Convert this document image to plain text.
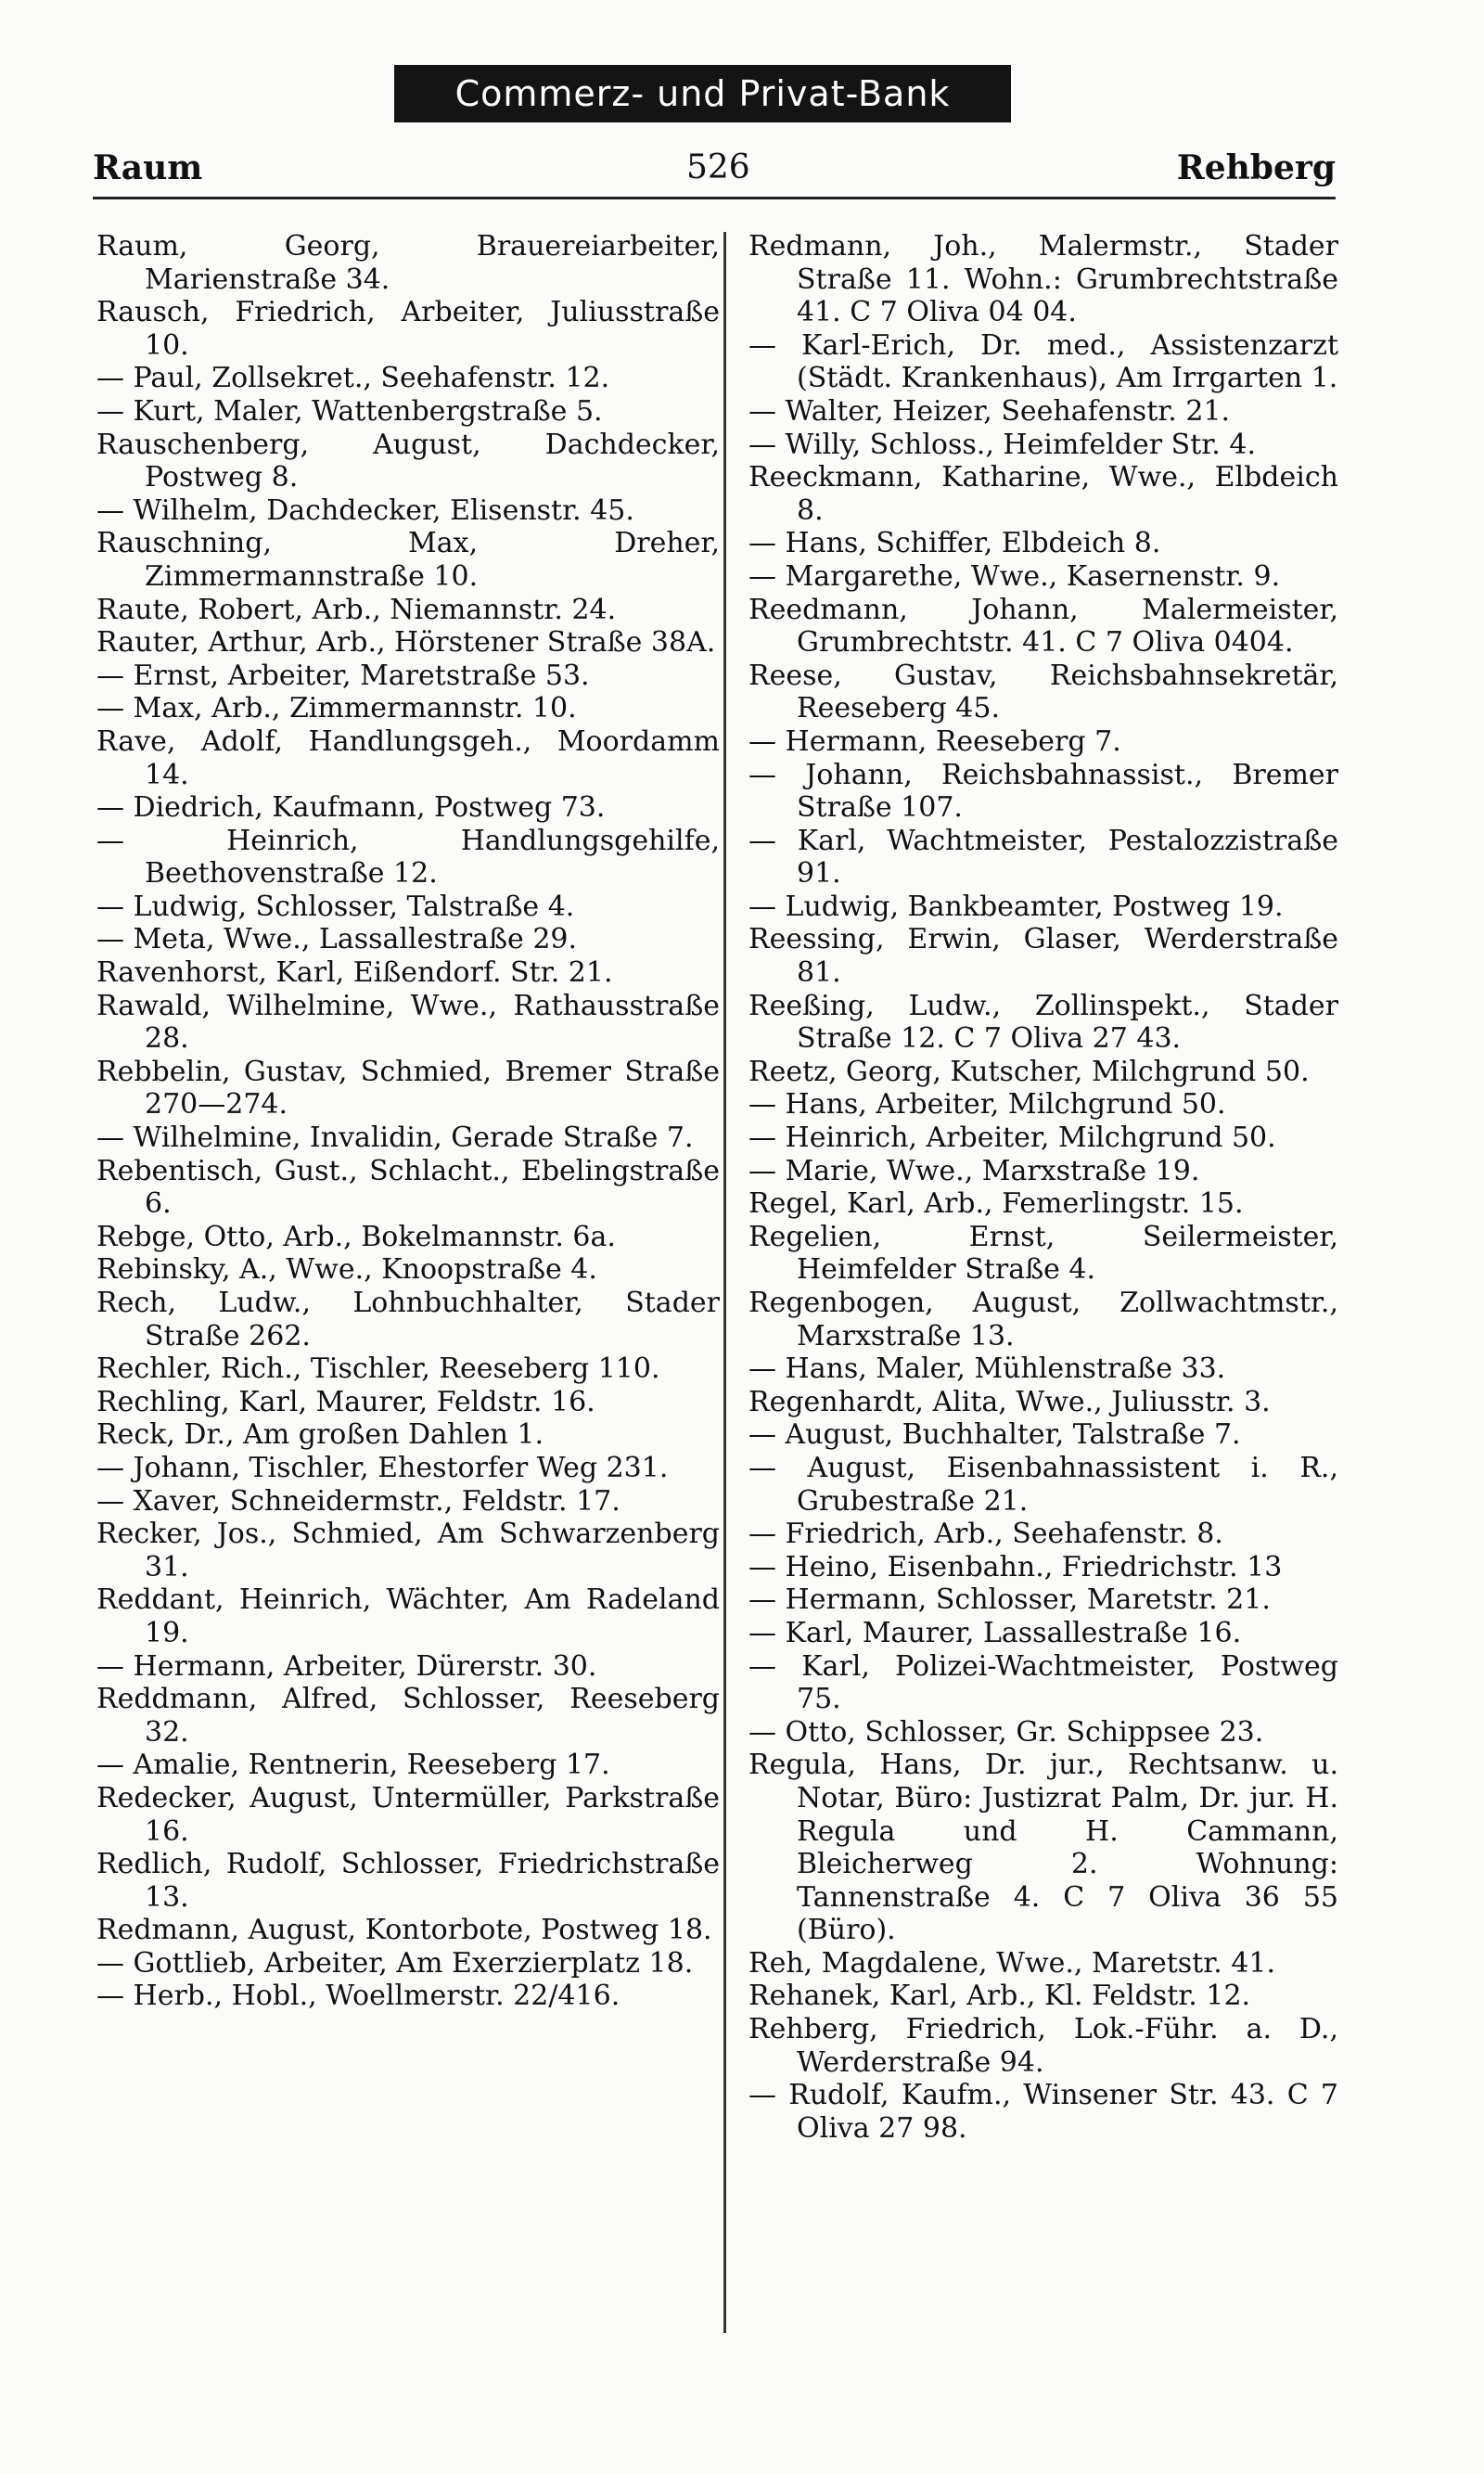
Commerz- und Privat-Bank
Raum	526	Rehberg

Raum, Georg, Brauereiarbeiter, Marienstraße 34.

Rausch, Friedrich, Arbeiter, Juliusstraße 10.

— Paul, Zollsekret., Seehafenstr. 12.

— Kurt, Maler, Wattenbergstraße 5.

Rauschenberg, August, Dachdecker, Postweg 8.

— Wilhelm, Dachdecker, Elisenstr. 45.

Rauschning, Max, Dreher, Zimmermannstraße 10.

Raute, Robert, Arb., Niemannstr. 24.

Rauter, Arthur, Arb., Hörstener Straße 38A.

— Ernst, Arbeiter, Maretstraße 53.

— Max, Arb., Zimmermannstr. 10.

Rave, Adolf, Handlungsgeh., Moordamm 14.

— Diedrich, Kaufmann, Postweg 73.

— Heinrich, Handlungsgehilfe, Beethovenstraße 12.

— Ludwig, Schlosser, Talstraße 4.

— Meta, Wwe., Lassallestraße 29.

Ravenhorst, Karl, Eißendorf. Str. 21.

Rawald, Wilhelmine, Wwe., Rathausstraße 28.

Rebbelin, Gustav, Schmied, Bremer Straße 270—274.

— Wilhelmine, Invalidin, Gerade Straße 7.

Rebentisch, Gust., Schlacht., Ebelingstraße 6.

Rebge, Otto, Arb., Bokelmannstr. 6a.

Rebinsky, A., Wwe., Knoopstraße 4.

Rech, Ludw., Lohnbuchhalter, Stader Straße 262.

Rechler, Rich., Tischler, Reeseberg 110.

Rechling, Karl, Maurer, Feldstr. 16.

Reck, Dr., Am großen Dahlen 1.

— Johann, Tischler, Ehestorfer Weg 231.

— Xaver, Schneidermstr., Feldstr. 17.

Recker, Jos., Schmied, Am Schwarzenberg 31.

Reddant, Heinrich, Wächter, Am Radeland 19.

— Hermann, Arbeiter, Dürerstr. 30.

Reddmann, Alfred, Schlosser, Reeseberg 32.

— Amalie, Rentnerin, Reeseberg 17.

Redecker, August, Untermüller, Parkstraße 16.

Redlich, Rudolf, Schlosser, Friedrichstraße 13.

Redmann, August, Kontorbote, Postweg 18.

— Gottlieb, Arbeiter, Am Exerzierplatz 18.

— Herb., Hobl., Woellmerstr. 22/416.

Redmann, Joh., Malermstr., Stader Straße 11. Wohn.: Grumbrechtstraße 41. C 7 Oliva 04 04.

— Karl-Erich, Dr. med., Assistenzarzt (Städt. Krankenhaus), Am Irrgarten 1.

— Walter, Heizer, Seehafenstr. 21.

— Willy, Schloss., Heimfelder Str. 4.

Reeckmann, Katharine, Wwe., Elbdeich 8.

— Hans, Schiffer, Elbdeich 8.

— Margarethe, Wwe., Kasernenstr. 9.

Reedmann, Johann, Malermeister, Grumbrechtstr. 41. C 7 Oliva 0404.

Reese, Gustav, Reichsbahnsekretär, Reeseberg 45.

— Hermann, Reeseberg 7.

— Johann, Reichsbahnassist., Bremer Straße 107.

— Karl, Wachtmeister, Pestalozzistraße 91.

— Ludwig, Bankbeamter, Postweg 19.

Reessing, Erwin, Glaser, Werderstraße 81.

Reeßing, Ludw., Zollinspekt., Stader Straße 12. C 7 Oliva 27 43.

Reetz, Georg, Kutscher, Milchgrund 50.

— Hans, Arbeiter, Milchgrund 50.

— Heinrich, Arbeiter, Milchgrund 50.

— Marie, Wwe., Marxstraße 19.

Regel, Karl, Arb., Femerlingstr. 15.

Regelien, Ernst, Seilermeister, Heimfelder Straße 4.

Regenbogen, August, Zollwachtmstr., Marxstraße 13.

— Hans, Maler, Mühlenstraße 33.

Regenhardt, Alita, Wwe., Juliusstr. 3.

— August, Buchhalter, Talstraße 7.

— August, Eisenbahnassistent i. R., Grubestraße 21.

— Friedrich, Arb., Seehafenstr. 8.

— Heino, Eisenbahn., Friedrichstr. 13

— Hermann, Schlosser, Maretstr. 21.

— Karl, Maurer, Lassallestraße 16.

— Karl, Polizei-Wachtmeister, Postweg 75.

— Otto, Schlosser, Gr. Schippsee 23.

Regula, Hans, Dr. jur., Rechtsanw. u. Notar, Büro: Justizrat Palm, Dr. jur. H. Regula und H. Cammann, Bleicherweg 2. Wohnung: Tannenstraße 4. C 7 Oliva 36 55 (Büro).

Reh, Magdalene, Wwe., Maretstr. 41.

Rehanek, Karl, Arb., Kl. Feldstr. 12.

Rehberg, Friedrich, Lok.-Führ. a. D., Werderstraße 94.

— Rudolf, Kaufm., Winsener Str. 43. C 7 Oliva 27 98.
